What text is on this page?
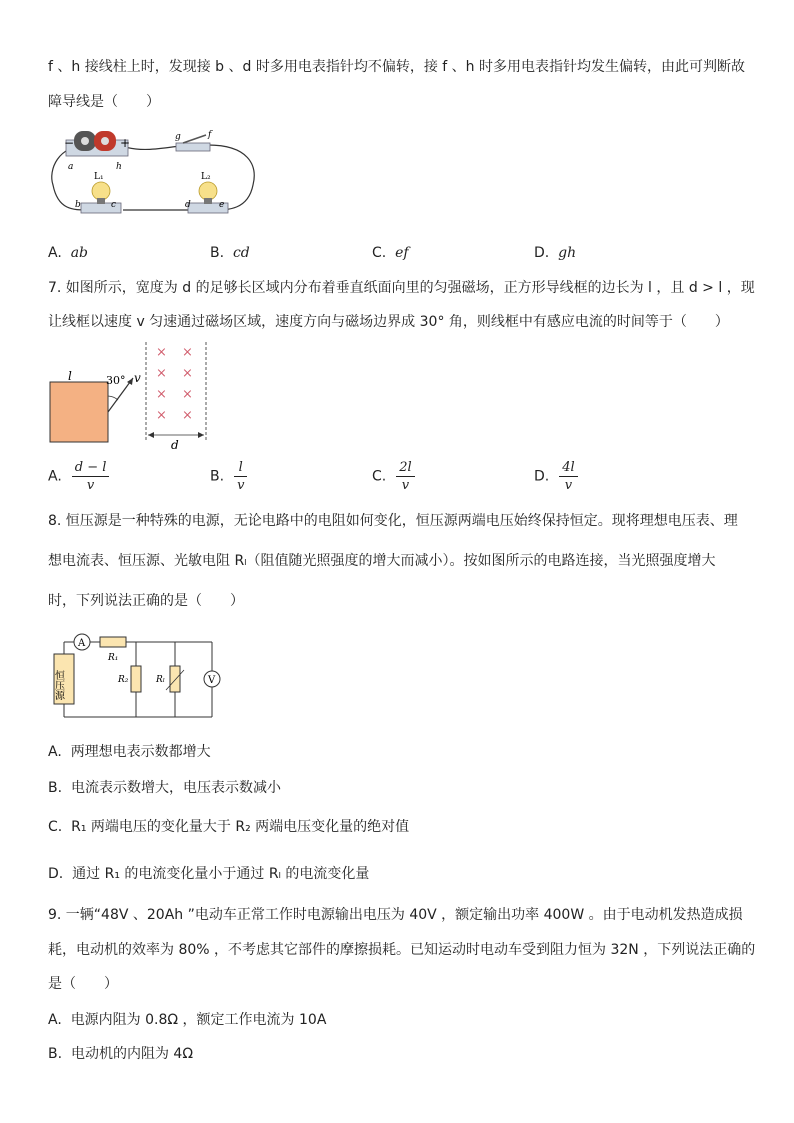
f 、h 接线柱上时，发现接 b 、d 时多用电表指针均不偏转，接 f 、h 时多用电表指针均发生偏转，由此可判断故
障导线是（　　）
−	+
a	h
g	f
L₁
b	c
L₂
d	e
A. ab	B. cd	C. ef	D. gh
7. 如图所示，宽度为 d 的足够长区域内分布着垂直纸面向里的匀强磁场，正方形导线框的边长为 l ，且 d > l ，现
让线框以速度 v 匀速通过磁场区域，速度方向与磁场边界成 30° 角，则线框中有感应电流的时间等于（　　）
l	30° v
× ×
× ×
× ×
× ×
d
A. $\frac{d - l}{v}$	B. $\frac{l}{v}$	C. $\frac{2l}{v}$	D. $\frac{4l}{v}$
8. 恒压源是一种特殊的电源，无论电路中的电阻如何变化，恒压源两端电压始终保持恒定。现将理想电压表、理
想电流表、恒压源、光敏电阻 Rₗ（阻值随光照强度的增大而减小）。按如图所示的电路连接，当光照强度增大
时，下列说法正确的是（　　）
恒压源
A
R₁
R₂	Rₗ	V
A. 两理想电表示数都增大
B. 电流表示数增大，电压表示数减小
C. R₁ 两端电压的变化量大于 R₂ 两端电压变化量的绝对值
D. 通过 R₁ 的电流变化量小于通过 Rₗ 的电流变化量
9. 一辆“48V 、20Ah ”电动车正常工作时电源输出电压为 40V ，额定输出功率 400W 。由于电动机发热造成损
耗，电动机的效率为 80% ，不考虑其它部件的摩擦损耗。已知运动时电动车受到阻力恒为 32N ，下列说法正确的
是（　　）
A. 电源内阻为 0.8Ω ，额定工作电流为 10A
B. 电动机的内阻为 4Ω
